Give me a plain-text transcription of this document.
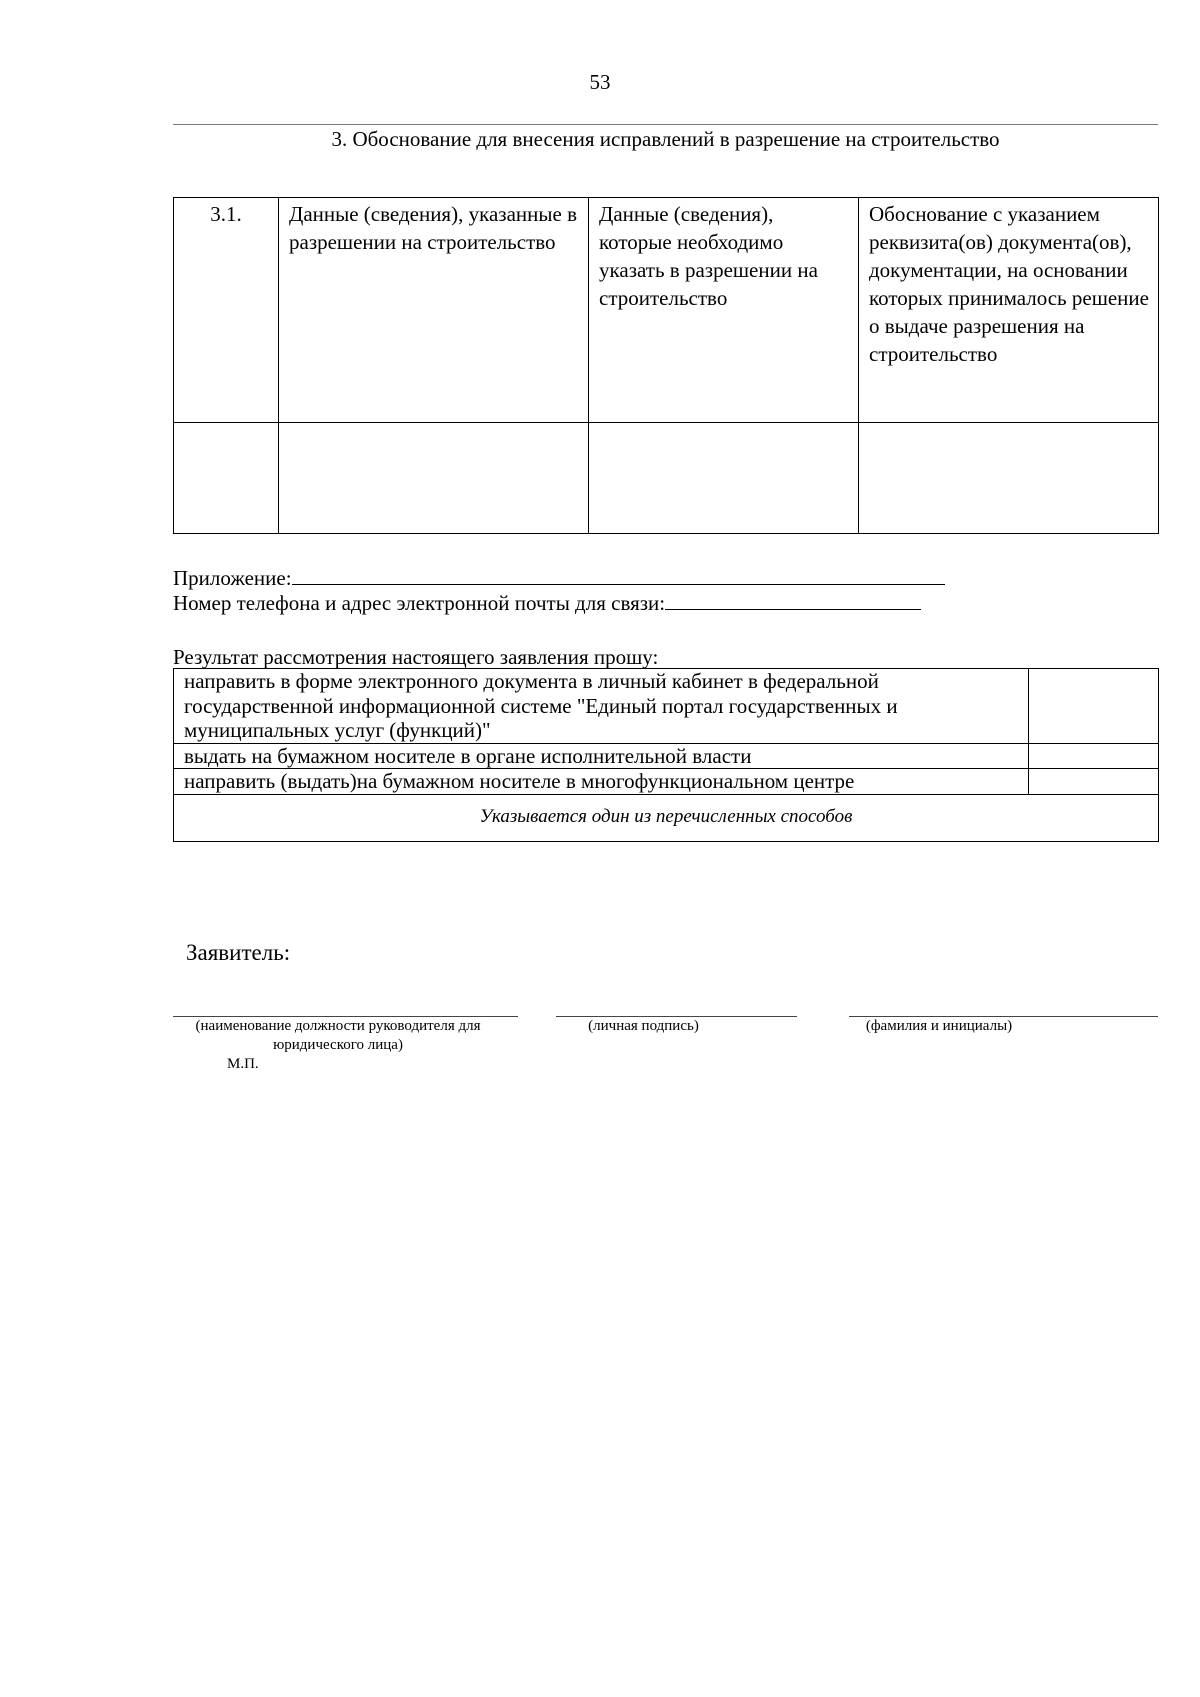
53
3. Обоснование для внесения исправлений в разрешение на строительство
3.1.	Данные (сведения), указанные в разрешении на строительство	Данные (сведения), которые необходимо указать в разрешении на строительство	Обоснование с указанием реквизита(ов) документа(ов), документации, на основании которых принималось решение о выдаче разрешения на строительство

Приложение:
Номер телефона и адрес электронной почты для связи:
Результат рассмотрения настоящего заявления прошу:
направить в форме электронного документа в личный кабинет в федеральной государственной информационной системе "Единый портал государственных и муниципальных услуг (функций)"	
выдать на бумажном носителе в органе исполнительной власти	
направить (выдать)на бумажном носителе в многофункциональном центре	
Указывается один из перечисленных способов	
Заявитель:
(наименование должности руководителя для юридического лица)
(личная подпись)	(фамилия и инициалы)
М.П.
